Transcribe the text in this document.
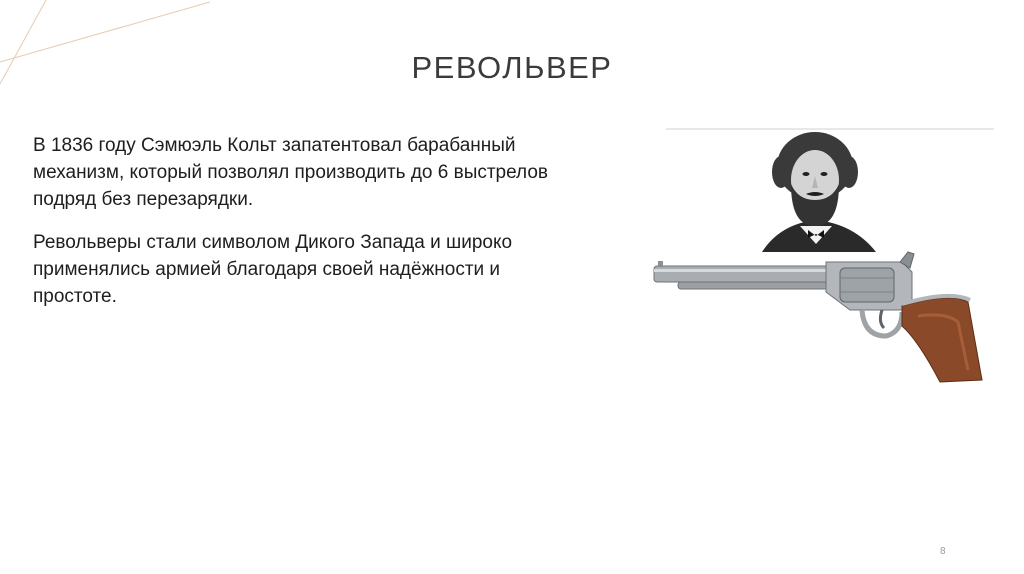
РЕВОЛЬВЕР

В 1836 году Сэмюэль Кольт запатентовал барабанный механизм, который позволял производить до 6 выстрелов подряд без перезарядки.

Револьверы стали символом Дикого Запада и широко применялись армией благодаря своей надёжности и простоте.

8
